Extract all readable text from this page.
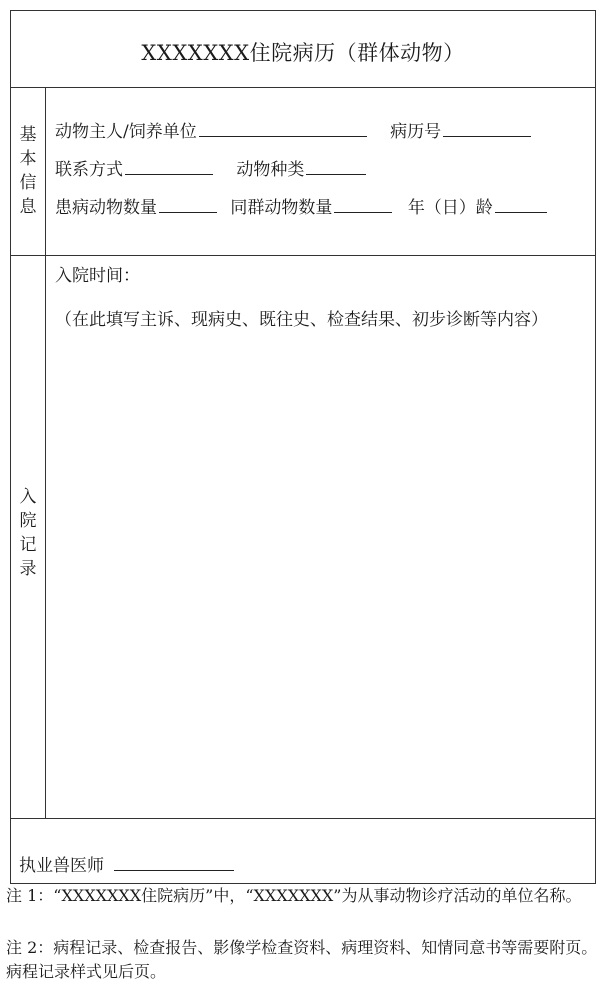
XXXXXXX住院病历（群体动物）
基
本
信
息
动物主人/饲养单位	病历号
联系方式	动物种类
患病动物数量	同群动物数量	年（日）龄
入
院
记
录
入院时间：
（在此填写主诉、现病史、既往史、检查结果、初步诊断等内容）
执业兽医师
注 1：“XXXXXXX住院病历”中，“XXXXXXX”为从事动物诊疗活动的单位名称。
注 2：病程记录、检查报告、影像学检查资料、病理资料、知情同意书等需要附页。病程记录样式见后页。
